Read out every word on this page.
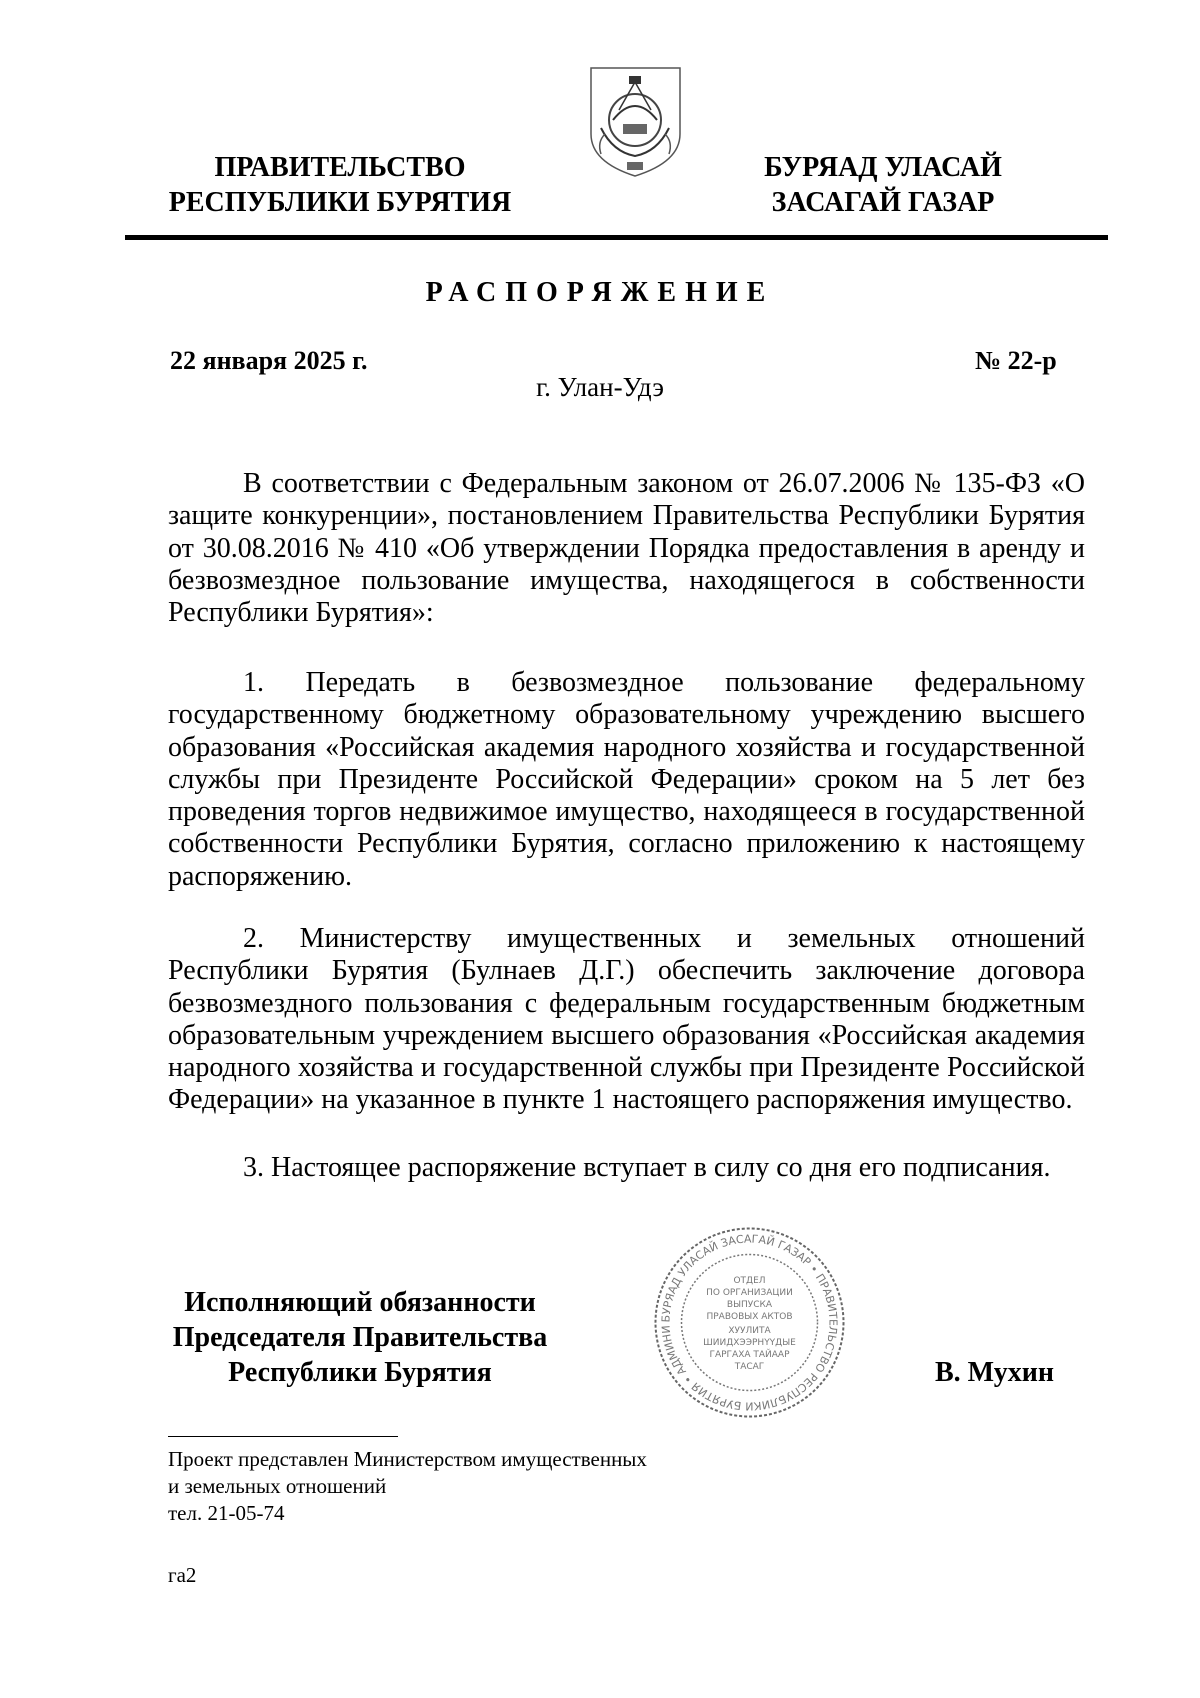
ПРАВИТЕЛЬСТВО
РЕСПУБЛИКИ БУРЯТИЯ
БУРЯАД УЛАСАЙ
ЗАСАГАЙ ГАЗАР
РАСПОРЯЖЕНИЕ
22 января 2025 г.	№ 22-р
г. Улан-Удэ

В соответствии с Федеральным законом от 26.07.2006 № 135-ФЗ «О защите конкуренции», постановлением Правительства Республики Бурятия от 30.08.2016 № 410 «Об утверждении Порядка предоставления в аренду и безвозмездное пользование имущества, находящегося в собственности Республики Бурятия»:

1. Передать в безвозмездное пользование федеральному государственному бюджетному образовательному учреждению высшего образования «Российская академия народного хозяйства и государственной службы при Президенте Российской Федерации» сроком на 5 лет без проведения торгов недвижимое имущество, находящееся в государственной собственности Республики Бурятия, согласно приложению к настоящему распоряжению.

2. Министерству имущественных и земельных отношений Республики Бурятия (Булнаев Д.Г.) обеспечить заключение договора безвозмездного пользования с федеральным государственным бюджетным образовательным учреждением высшего образования «Российская академия народного хозяйства и государственной службы при Президенте Российской Федерации» на указанное в пункте 1 настоящего распоряжения имущество.

3. Настоящее распоряжение вступает в силу со дня его подписания.

Исполняющий обязанности
Председателя Правительства
Республики Бурятия	В. Мухин
БУРЯАД УЛАСАЙ ЗАСАГАЙ ГАЗАР • ПРАВИТЕЛЬСТВО РЕСПУБЛИКИ БУРЯТИЯ • АДМИНИ
ОТДЕЛ
ПО ОРГАНИЗАЦИИ
ВЫПУСКА
ПРАВОВЫХ АКТОВ
ХУУЛИТА
ШИИДХЭЭРНҮҮДЫЕ
ГАРГАХА ТАЙААР
ТАСАГ
Проект представлен Министерством имущественных
и земельных отношений
тел. 21-05-74
га2
